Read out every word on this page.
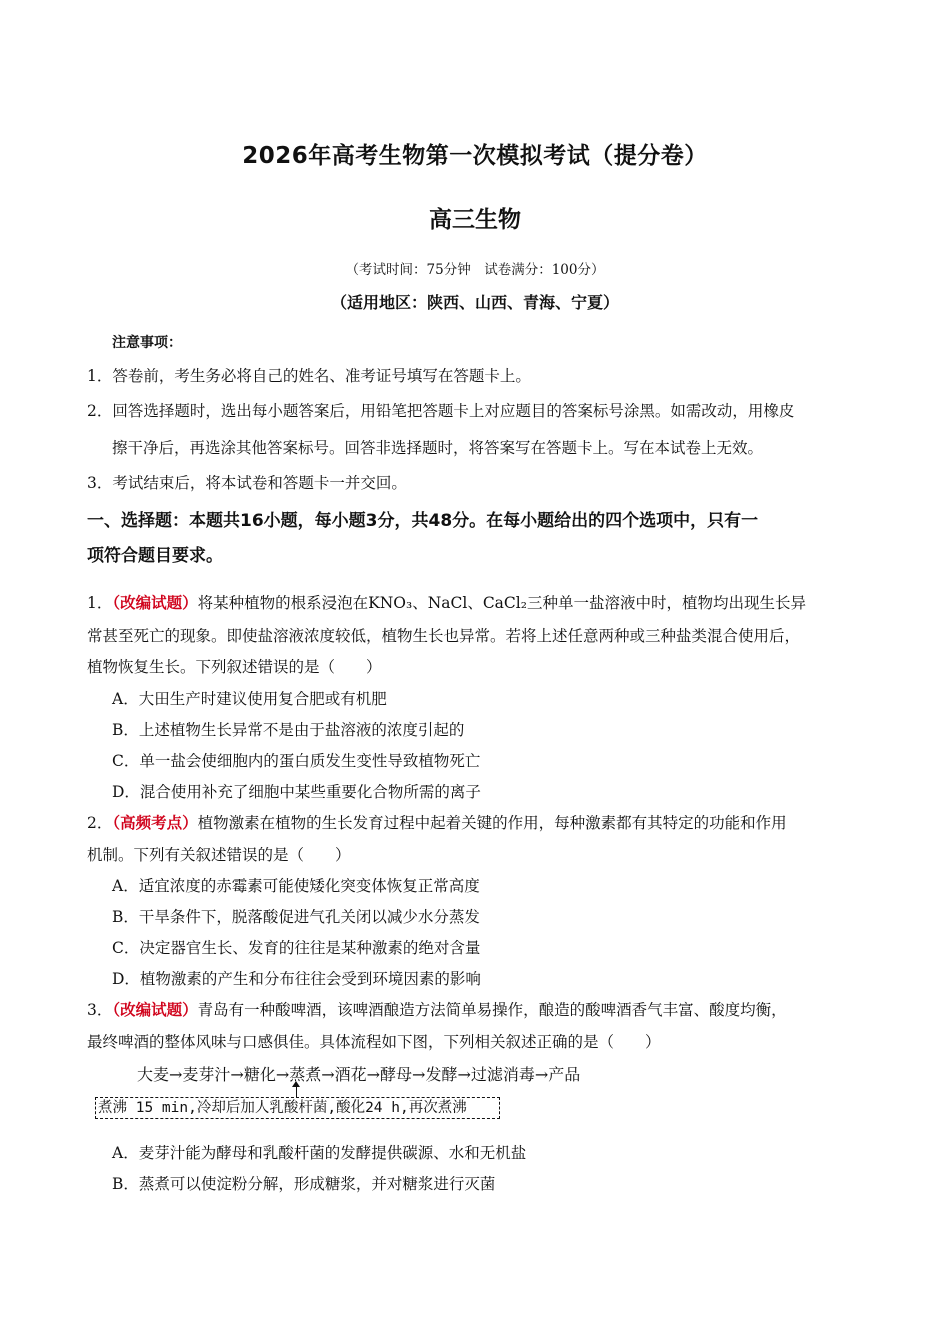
2026年高考生物第一次模拟考试（提分卷）
高三生物
（考试时间：75分钟　试卷满分：100分）
（适用地区：陕西、山西、青海、宁夏）
注意事项：
1．答卷前，考生务必将自己的姓名、准考证号填写在答题卡上。
2．回答选择题时，选出每小题答案后，用铅笔把答题卡上对应题目的答案标号涂黑。如需改动，用橡皮
擦干净后，再选涂其他答案标号。回答非选择题时，将答案写在答题卡上。写在本试卷上无效。
3．考试结束后，将本试卷和答题卡一并交回。
一、选择题：本题共16小题，每小题3分，共48分。在每小题给出的四个选项中，只有一
项符合题目要求。
1．（改编试题）将某种植物的根系浸泡在KNO₃、NaCl、CaCl₂三种单一盐溶液中时，植物均出现生长异
常甚至死亡的现象。即使盐溶液浓度较低，植物生长也异常。若将上述任意两种或三种盐类混合使用后，
植物恢复生长。下列叙述错误的是（　　）
A．大田生产时建议使用复合肥或有机肥
B．上述植物生长异常不是由于盐溶液的浓度引起的
C．单一盐会使细胞内的蛋白质发生变性导致植物死亡
D．混合使用补充了细胞中某些重要化合物所需的离子
2．（高频考点）植物激素在植物的生长发育过程中起着关键的作用，每种激素都有其特定的功能和作用
机制。下列有关叙述错误的是（　　）
A．适宜浓度的赤霉素可能使矮化突变体恢复正常高度
B．干旱条件下，脱落酸促进气孔关闭以减少水分蒸发
C．决定器官生长、发育的往往是某种激素的绝对含量
D．植物激素的产生和分布往往会受到环境因素的影响
3．（改编试题）青岛有一种酸啤酒，该啤酒酿造方法简单易操作，酿造的酸啤酒香气丰富、酸度均衡，
最终啤酒的整体风味与口感俱佳。具体流程如下图，下列相关叙述正确的是（　　）
大麦→麦芽汁→糖化→蒸煮→酒花→酵母→发酵→过滤消毒→产品
煮沸 15 min,冷却后加人乳酸杆菌,酸化24 h,再次煮沸
A．麦芽汁能为酵母和乳酸杆菌的发酵提供碳源、水和无机盐
B．蒸煮可以使淀粉分解，形成糖浆，并对糖浆进行灭菌
